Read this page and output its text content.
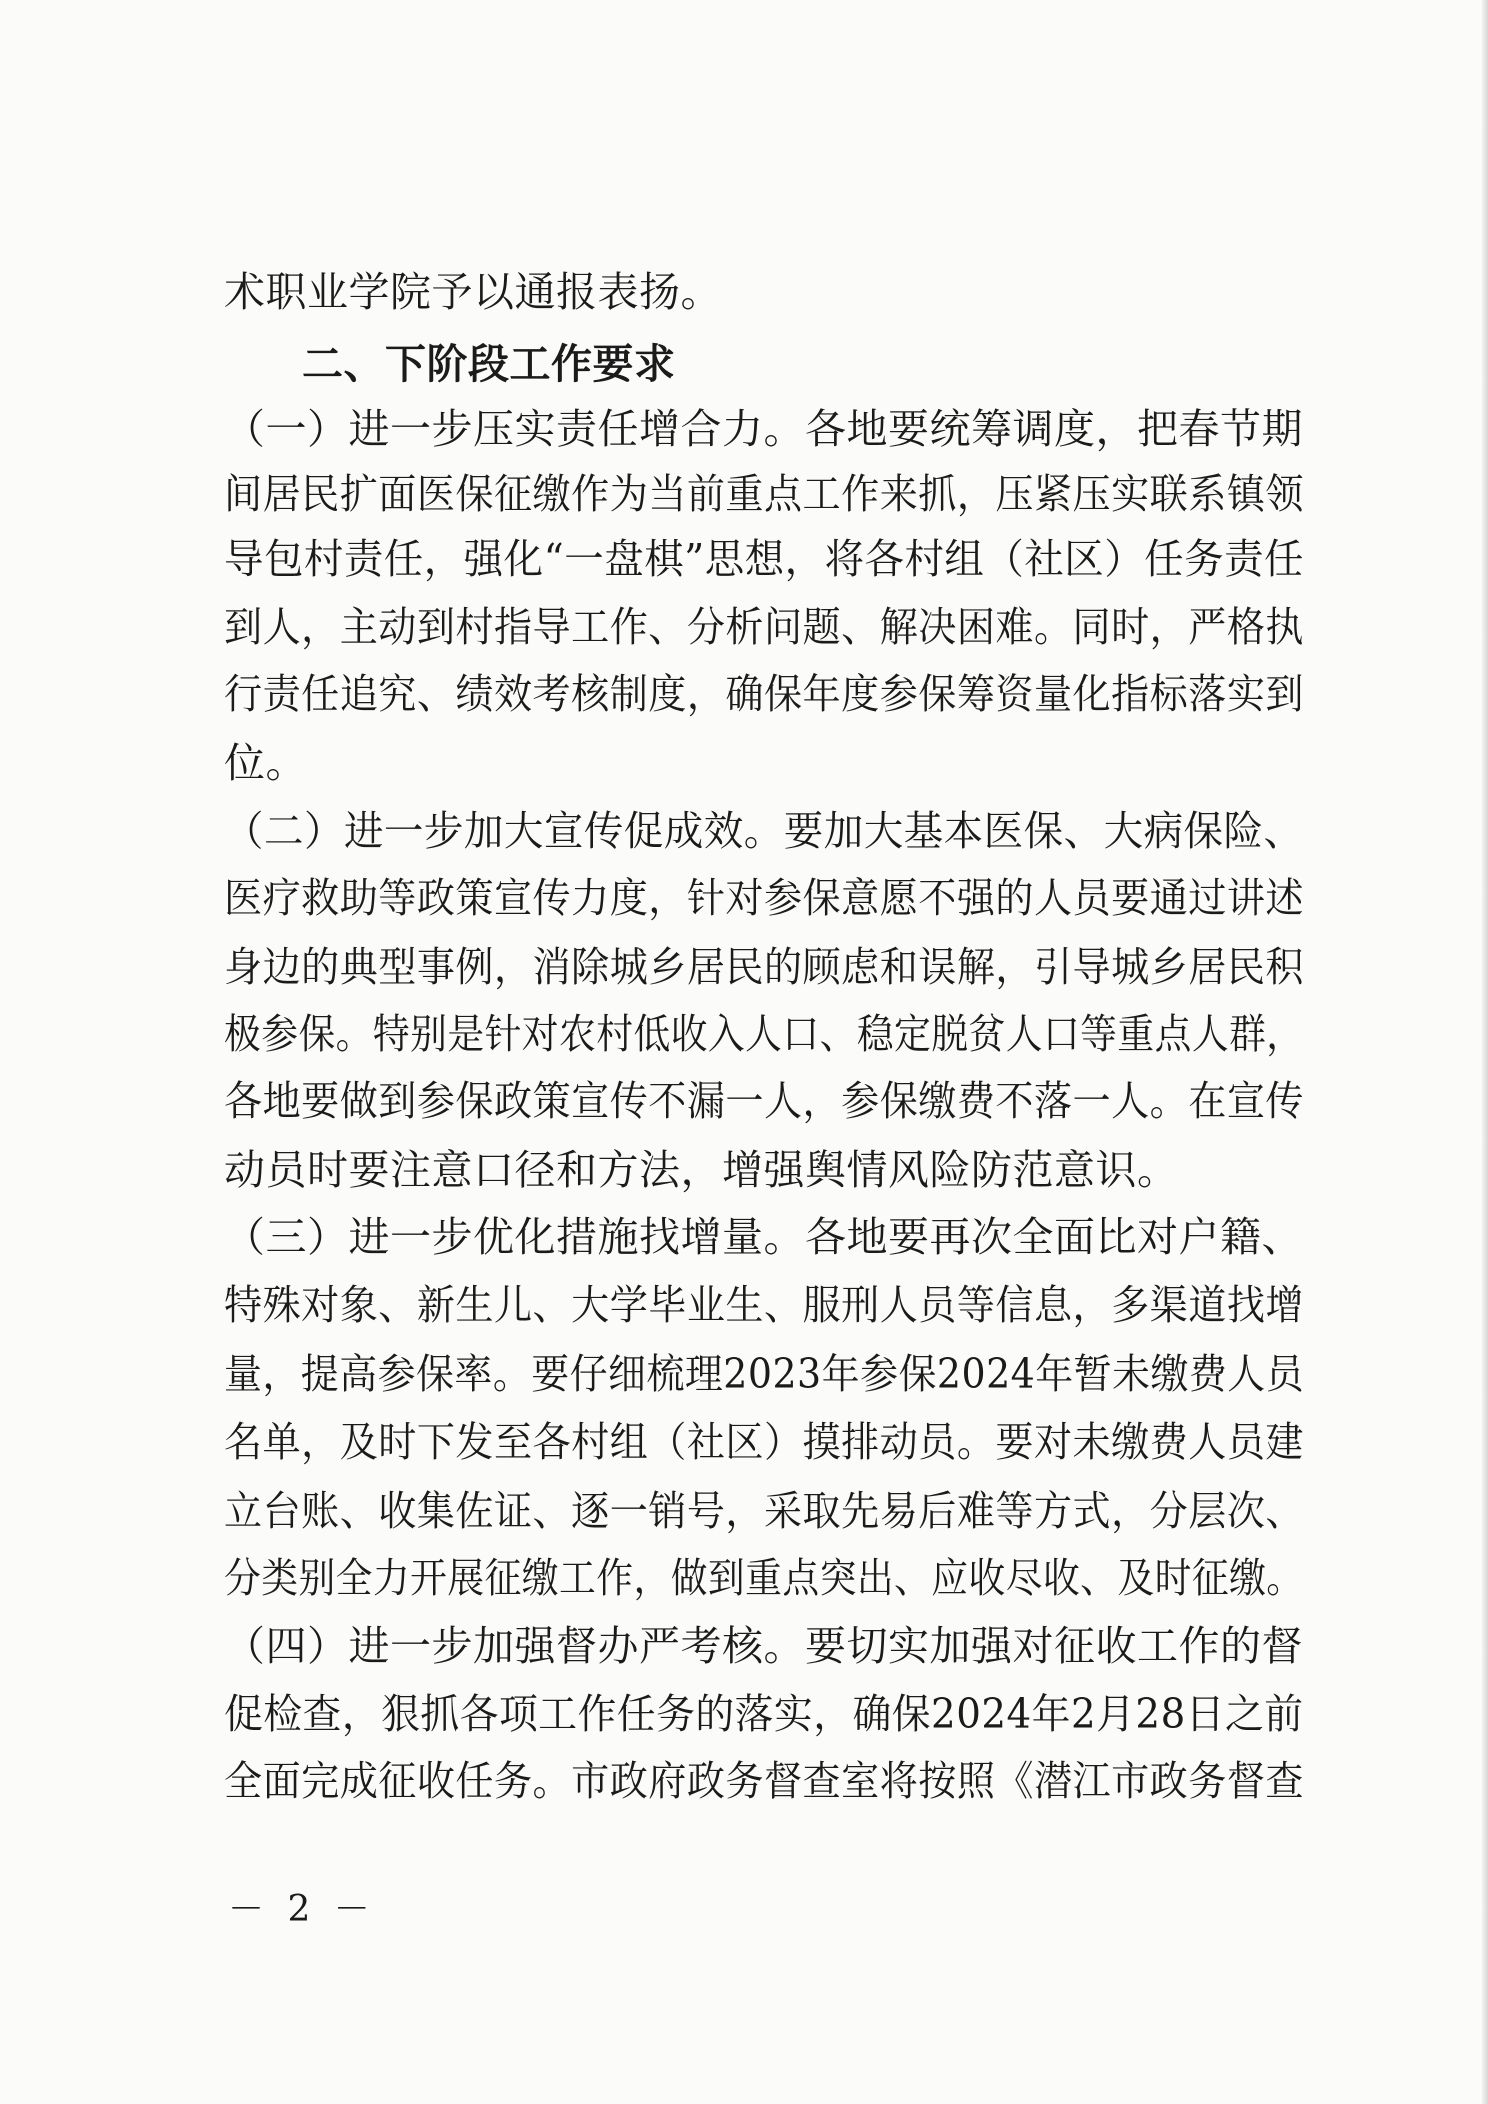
术职业学院予以通报表扬。
二、下阶段工作要求
（一）进一步压实责任增合力。各地要统筹调度，把春节期
间居民扩面医保征缴作为当前重点工作来抓，压紧压实联系镇领
导包村责任，强化“一盘棋”思想，将各村组（社区）任务责任
到人，主动到村指导工作、分析问题、解决困难。同时，严格执
行责任追究、绩效考核制度，确保年度参保筹资量化指标落实到
位。
（二）进一步加大宣传促成效。要加大基本医保、大病保险、
医疗救助等政策宣传力度，针对参保意愿不强的人员要通过讲述
身边的典型事例，消除城乡居民的顾虑和误解，引导城乡居民积
极参保。特别是针对农村低收入人口、稳定脱贫人口等重点人群，
各地要做到参保政策宣传不漏一人，参保缴费不落一人。在宣传
动员时要注意口径和方法，增强舆情风险防范意识。
（三）进一步优化措施找增量。各地要再次全面比对户籍、
特殊对象、新生儿、大学毕业生、服刑人员等信息，多渠道找增
量，提高参保率。要仔细梳理2023年参保2024年暂未缴费人员
名单，及时下发至各村组（社区）摸排动员。要对未缴费人员建
立台账、收集佐证、逐一销号，采取先易后难等方式，分层次、
分类别全力开展征缴工作，做到重点突出、应收尽收、及时征缴。
（四）进一步加强督办严考核。要切实加强对征收工作的督
促检查，狠抓各项工作任务的落实，确保2024年2月28日之前
全面完成征收任务。市政府政务督查室将按照《潜江市政务督查
－ 2 －
